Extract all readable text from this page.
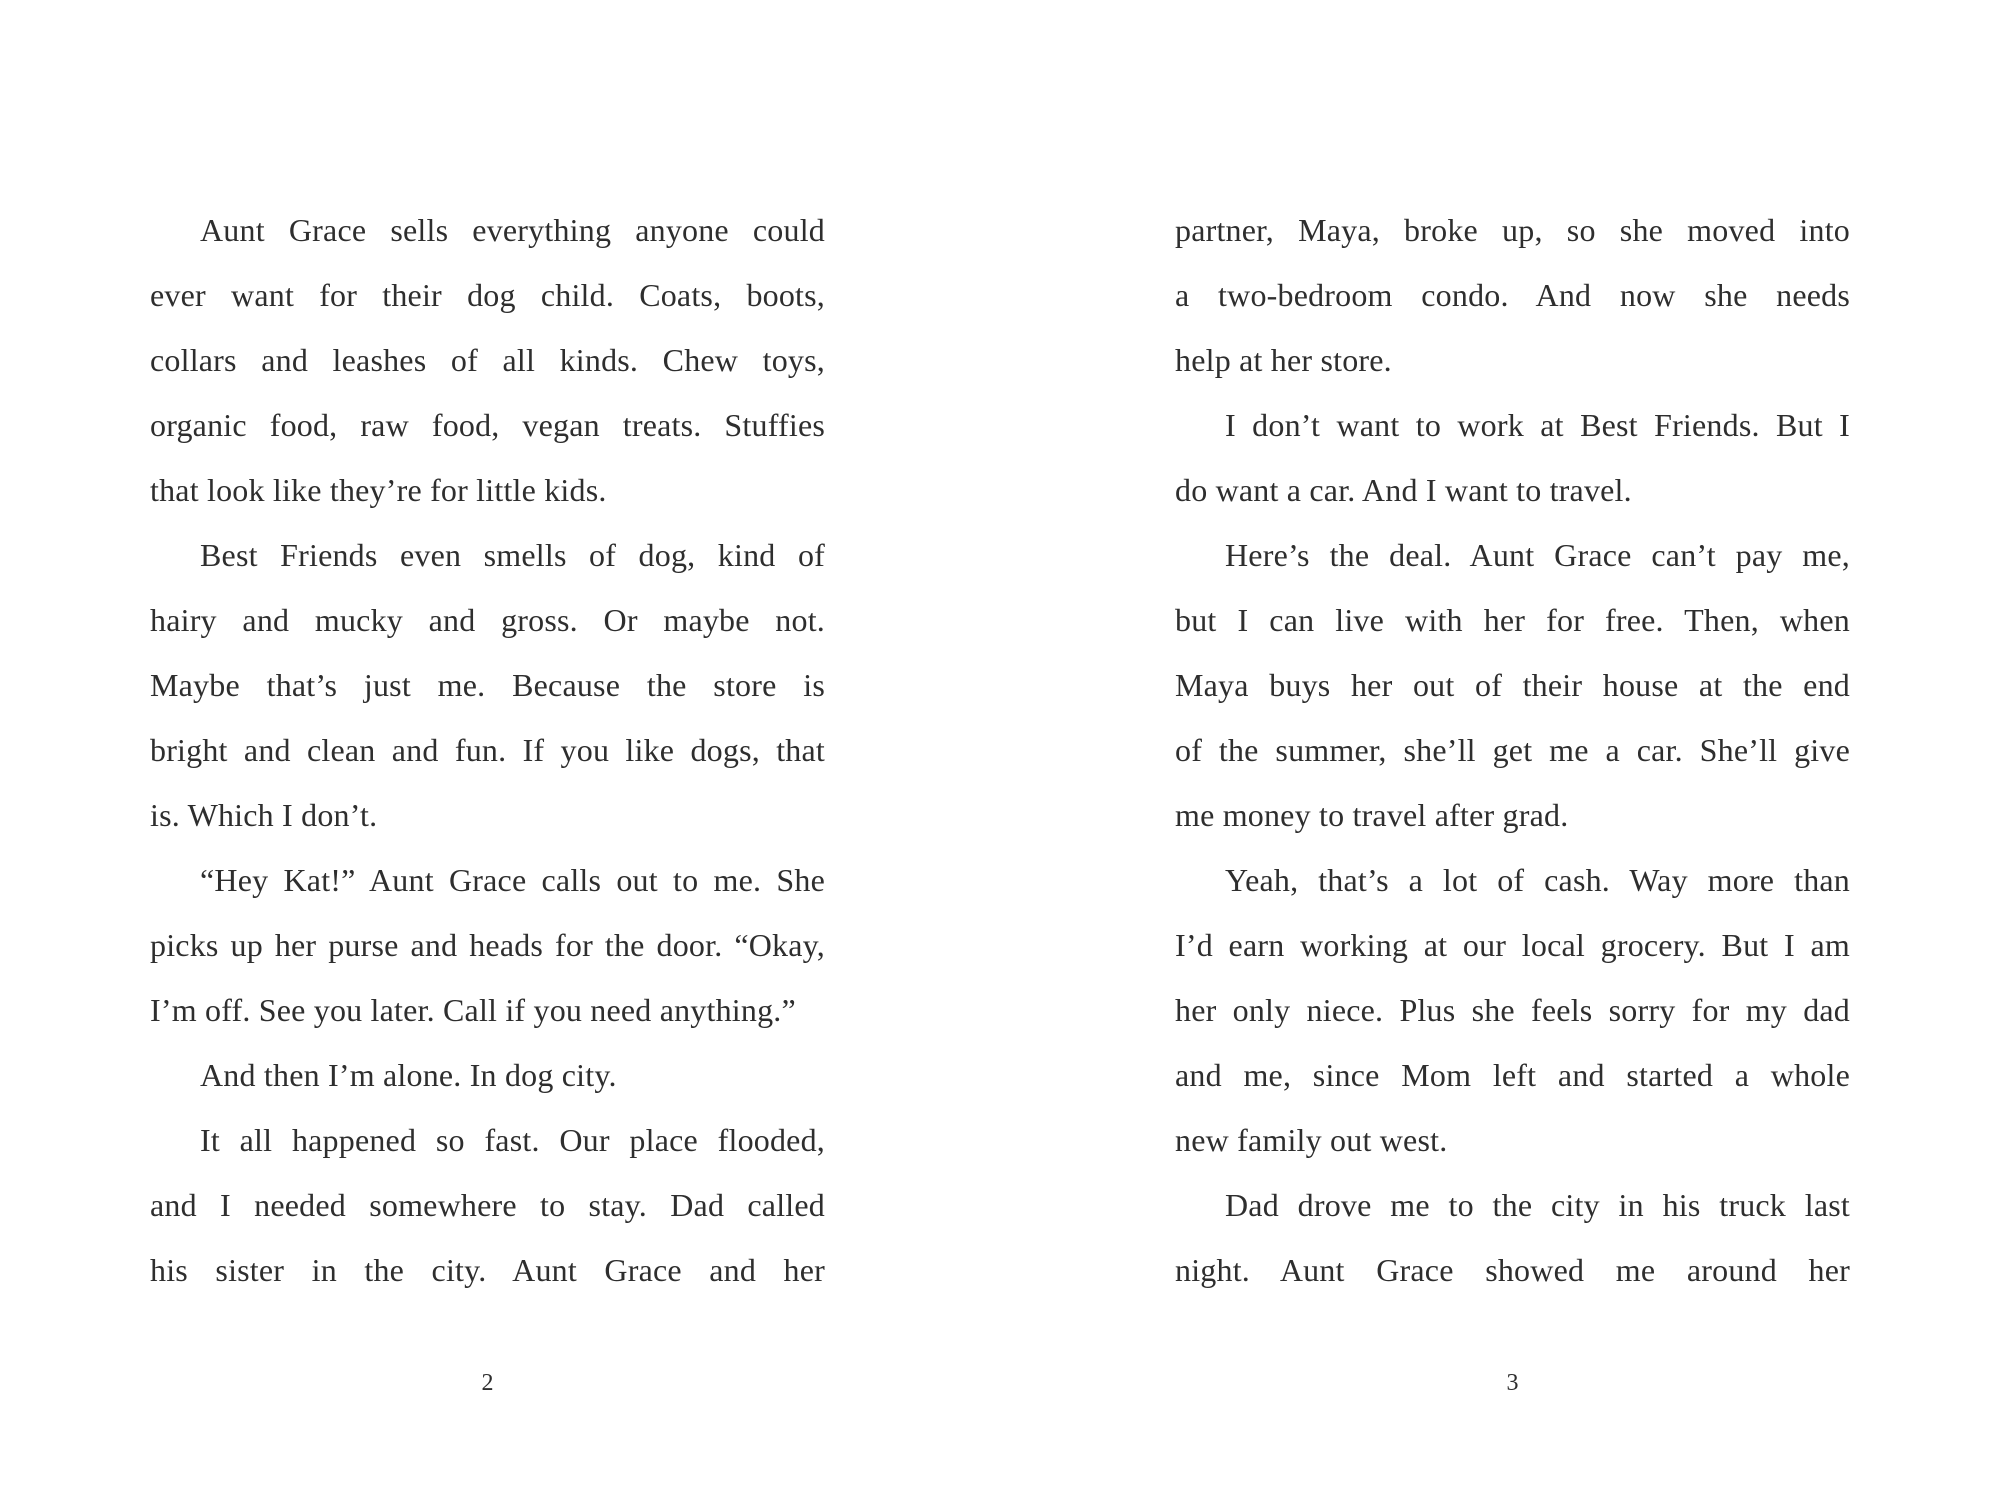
Aunt Grace sells everything anyone could
ever want for their dog child. Coats, boots,
collars and leashes of all kinds. Chew toys,
organic food, raw food, vegan treats. Stuffies
that look like they’re for little kids.
Best Friends even smells of dog, kind of
hairy and mucky and gross. Or maybe not.
Maybe that’s just me. Because the store is
bright and clean and fun. If you like dogs, that
is. Which I don’t.
“Hey Kat!” Aunt Grace calls out to me. She
picks up her purse and heads for the door. “Okay,
I’m off. See you later. Call if you need anything.”
And then I’m alone. In dog city.
It all happened so fast. Our place flooded,
and I needed somewhere to stay. Dad called
his sister in the city. Aunt Grace and her
2
partner, Maya, broke up, so she moved into
a two-bedroom condo. And now she needs
help at her store.
I don’t want to work at Best Friends. But I
do want a car. And I want to travel.
Here’s the deal. Aunt Grace can’t pay me,
but I can live with her for free. Then, when
Maya buys her out of their house at the end
of the summer, she’ll get me a car. She’ll give
me money to travel after grad.
Yeah, that’s a lot of cash. Way more than
I’d earn working at our local grocery. But I am
her only niece. Plus she feels sorry for my dad
and me, since Mom left and started a whole
new family out west.
Dad drove me to the city in his truck last
night. Aunt Grace showed me around her
3
